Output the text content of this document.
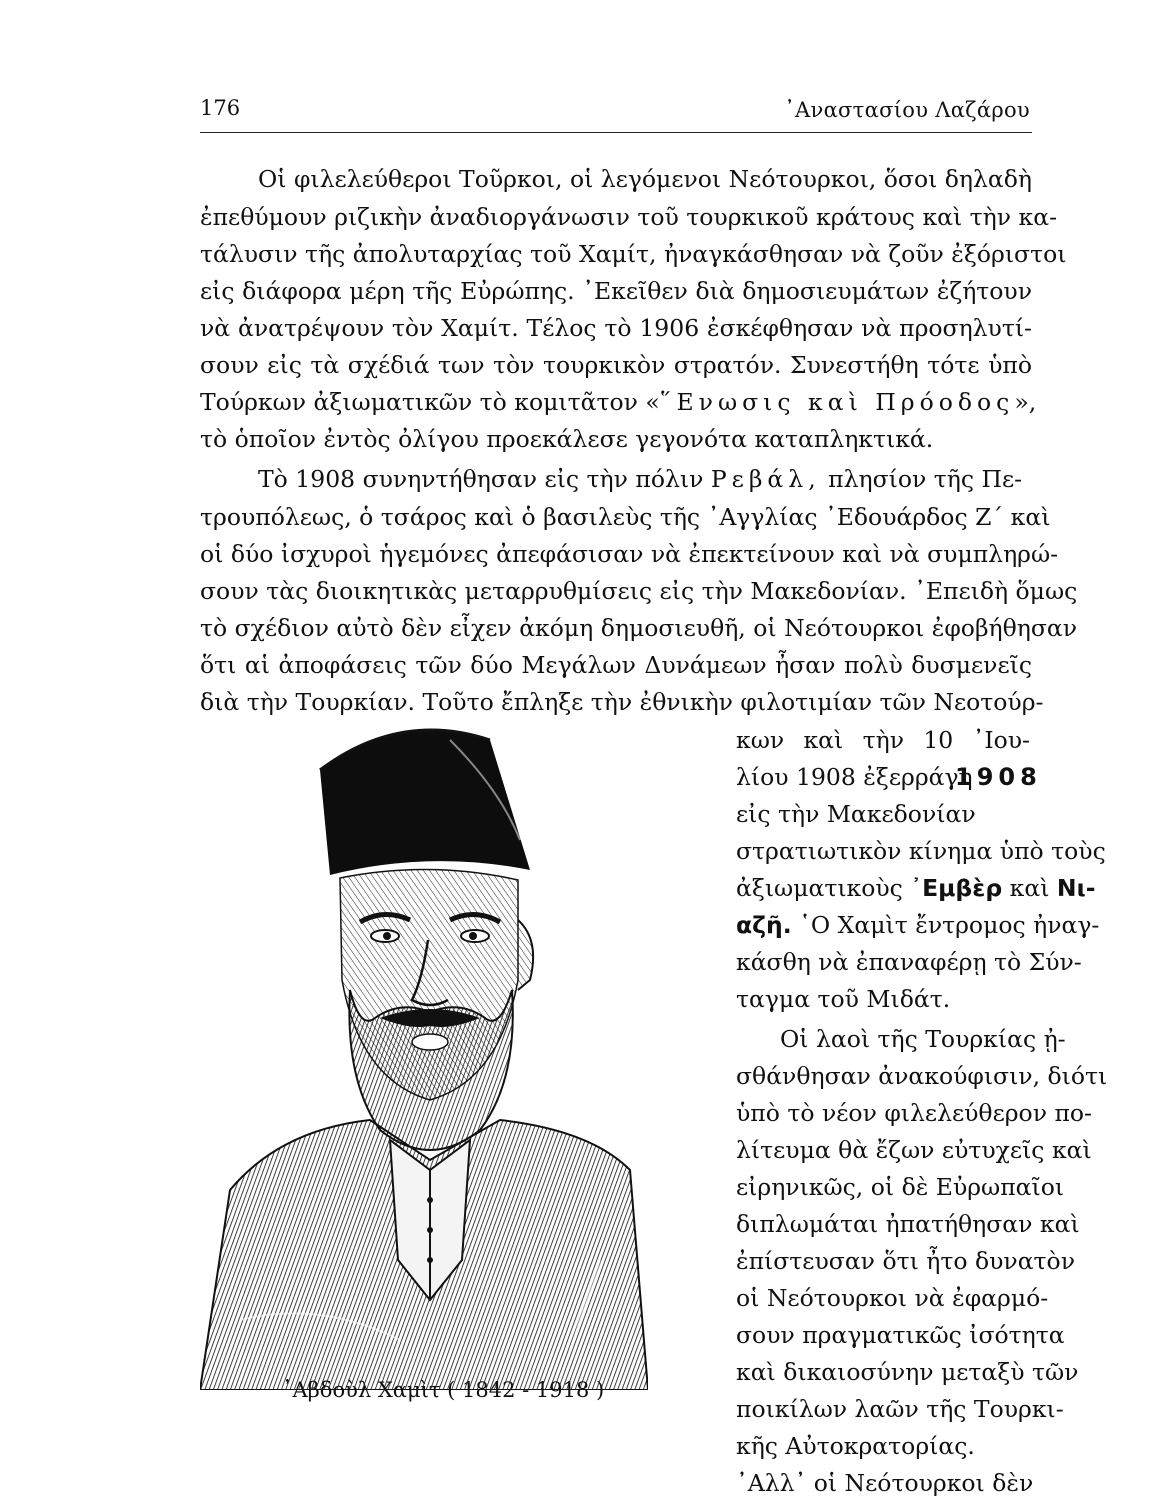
176	᾿Αναστασίου Λαζάρου
Οἱ φιλελεύθεροι Τοῦρκοι, οἱ λεγόμενοι Νεότουρκοι, ὅσοι δηλαδὴ
ἐπεθύμουν ριζικὴν ἀναδιοργάνωσιν τοῦ τουρκικοῦ κράτους καὶ τὴν κα-
τάλυσιν τῆς ἀπολυταρχίας τοῦ Χαμίτ, ἠναγκάσθησαν νὰ ζοῦν ἐξόριστοι
εἰς διάφορα μέρη τῆς Εὐρώπης. ᾿Εκεῖθεν διὰ δημοσιευμάτων ἐζήτουν
νὰ ἀνατρέψουν τὸν Χαμίτ. Τέλος τὸ 1906 ἐσκέφθησαν νὰ προσηλυτί-
σουν εἰς τὰ σχέδιά των τὸν τουρκικὸν στρατόν. Συνεστήθη τότε ὑπὸ
Τούρκων ἀξιωματικῶν τὸ κομιτᾶτον «῞Ενωσις καὶ Πρόοδος»,
τὸ ὁποῖον ἐντὸς ὀλίγου προεκάλεσε γεγονότα καταπληκτικά.
Τὸ 1908 συνηντήθησαν εἰς τὴν πόλιν Ρεβάλ, πλησίον τῆς Πε-
τρουπόλεως, ὁ τσάρος καὶ ὁ βασιλεὺς τῆς ᾿Αγγλίας ᾿Εδουάρδος Ζ´ καὶ
οἱ δύο ἰσχυροὶ ἡγεμόνες ἀπεφάσισαν νὰ ἐπεκτείνουν καὶ νὰ συμπληρώ-
σουν τὰς διοικητικὰς μεταρρυθμίσεις εἰς τὴν Μακεδονίαν. ᾿Επειδὴ ὅμως
τὸ σχέδιον αὐτὸ δὲν εἶχεν ἀκόμη δημοσιευθῆ, οἱ Νεότουρκοι ἐφοβήθησαν
ὅτι αἱ ἀποφάσεις τῶν δύο Μεγάλων Δυνάμεων ἦσαν πολὺ δυσμενεῖς
διὰ τὴν Τουρκίαν. Τοῦτο ἔπληξε τὴν ἐθνικὴν φιλοτιμίαν τῶν Νεοτούρ-
κων καὶ τὴν 10 ᾿Ιου-
λίου 1908 ἐξερράγη
1908
εἰς τὴν Μακεδονίαν
στρατιωτικὸν κίνημα ὑπὸ τοὺς
ἀξιωματικοὺς ᾿Εμβὲρ καὶ Νι-
αζῆ. ῾Ο Χαμὶτ ἔντρομος ἠναγ-
κάσθη νὰ ἐπαναφέρῃ τὸ Σύν-
ταγμα τοῦ Μιδάτ.
Οἱ λαοὶ τῆς Τουρκίας ᾐ-
σθάνθησαν ἀνακούφισιν, διότι
ὑπὸ τὸ νέον φιλελεύθερον πο-
λίτευμα θὰ ἔζων εὐτυχεῖς καὶ
εἰρηνικῶς, οἱ δὲ Εὐρωπαῖοι
διπλωμάται ἠπατήθησαν καὶ
ἐπίστευσαν ὅτι ἦτο δυνατὸν
οἱ Νεότουρκοι νὰ ἐφαρμό-
σουν πραγματικῶς ἰσότητα
καὶ δικαιοσύνην μεταξὺ τῶν
ποικίλων λαῶν τῆς Τουρκι-
κῆς Αὐτοκρατορίας.
᾿Αλλ᾿ οἱ Νεότουρκοι δὲν
᾿Αβδοὺλ Χαμὶτ ( 1842 - 1918 )
